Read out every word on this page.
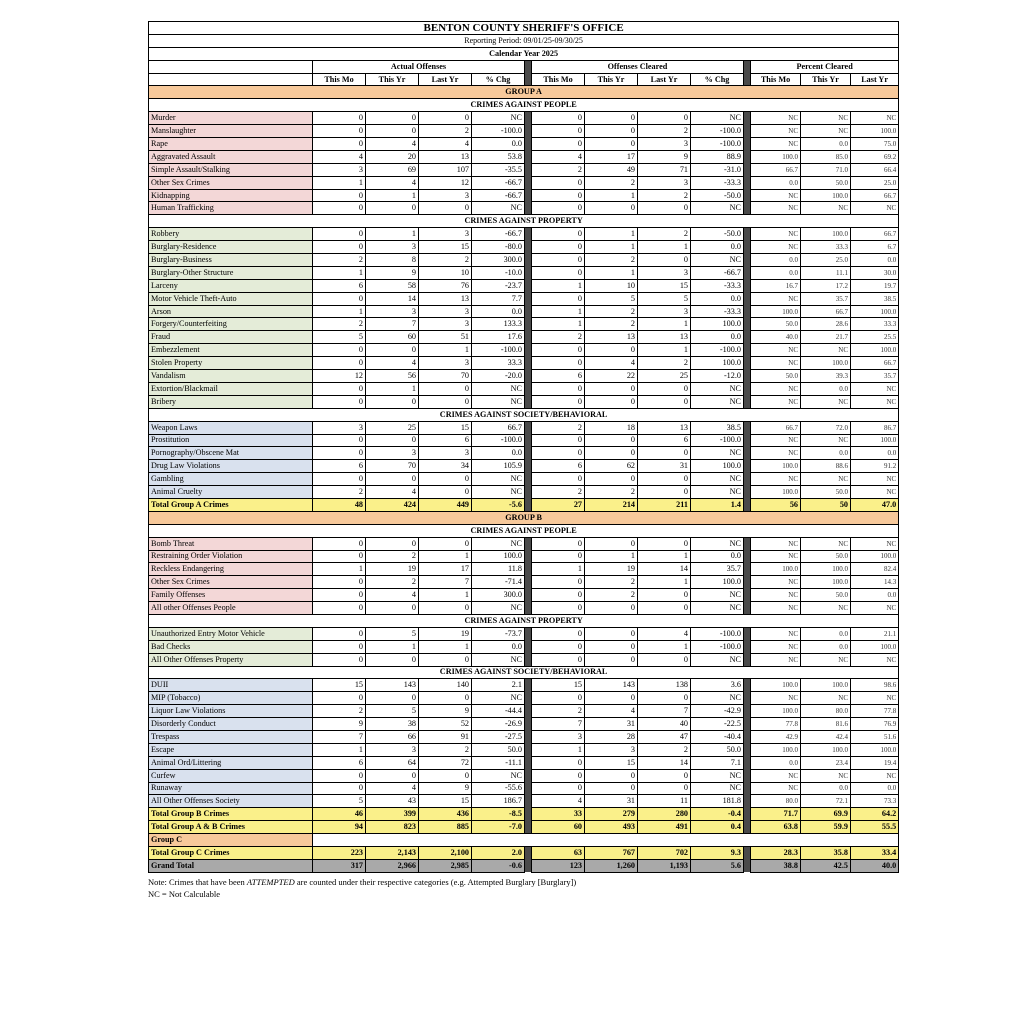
BENTON COUNTY SHERIFF'S OFFICE													
Reporting Period: 09/01/25-09/30/25													
Calendar Year 2025													
	Actual Offenses					Offenses Cleared					Percent Cleared		
	This Mo	This Yr	Last Yr	% Chg		This Mo	This Yr	Last Yr	% Chg		This Mo	This Yr	Last Yr
GROUP A													
CRIMES AGAINST PEOPLE													
Murder	0	0	0	NC		0	0	0	NC		NC	NC	NC
Manslaughter	0	0	2	-100.0		0	0	2	-100.0		NC	NC	100.0
Rape	0	4	4	0.0		0	0	3	-100.0		NC	0.0	75.0
Aggravated Assault	4	20	13	53.8		4	17	9	88.9		100.0	85.0	69.2
Simple Assault/Stalking	3	69	107	-35.5		2	49	71	-31.0		66.7	71.0	66.4
Other Sex Crimes	1	4	12	-66.7		0	2	3	-33.3		0.0	50.0	25.0
Kidnapping	0	1	3	-66.7		0	1	2	-50.0		NC	100.0	66.7
Human Trafficking	0	0	0	NC		0	0	0	NC		NC	NC	NC
CRIMES AGAINST PROPERTY													
Robbery	0	1	3	-66.7		0	1	2	-50.0		NC	100.0	66.7
Burglary-Residence	0	3	15	-80.0		0	1	1	0.0		NC	33.3	6.7
Burglary-Business	2	8	2	300.0		0	2	0	NC		0.0	25.0	0.0
Burglary-Other Structure	1	9	10	-10.0		0	1	3	-66.7		0.0	11.1	30.0
Larceny	6	58	76	-23.7		1	10	15	-33.3		16.7	17.2	19.7
Motor Vehicle Theft-Auto	0	14	13	7.7		0	5	5	0.0		NC	35.7	38.5
Arson	1	3	3	0.0		1	2	3	-33.3		100.0	66.7	100.0
Forgery/Counterfeiting	2	7	3	133.3		1	2	1	100.0		50.0	28.6	33.3
Fraud	5	60	51	17.6		2	13	13	0.0		40.0	21.7	25.5
Embezzlement	0	0	1	-100.0		0	0	1	-100.0		NC	NC	100.0
Stolen Property	0	4	3	33.3		0	4	2	100.0		NC	100.0	66.7
Vandalism	12	56	70	-20.0		6	22	25	-12.0		50.0	39.3	35.7
Extortion/Blackmail	0	1	0	NC		0	0	0	NC		NC	0.0	NC
Bribery	0	0	0	NC		0	0	0	NC		NC	NC	NC
CRIMES AGAINST SOCIETY/BEHAVIORAL													
Weapon Laws	3	25	15	66.7		2	18	13	38.5		66.7	72.0	86.7
Prostitution	0	0	6	-100.0		0	0	6	-100.0		NC	NC	100.0
Pornography/Obscene Mat	0	3	3	0.0		0	0	0	NC		NC	0.0	0.0
Drug Law Violations	6	70	34	105.9		6	62	31	100.0		100.0	88.6	91.2
Gambling	0	0	0	NC		0	0	0	NC		NC	NC	NC
Animal Cruelty	2	4	0	NC		2	2	0	NC		100.0	50.0	NC
Total Group A Crimes	48	424	449	-5.6		27	214	211	1.4		56	50	47.0
GROUP B													
CRIMES AGAINST PEOPLE													
Bomb Threat	0	0	0	NC		0	0	0	NC		NC	NC	NC
Restraining Order Violation	0	2	1	100.0		0	1	1	0.0		NC	50.0	100.0
Reckless Endangering	1	19	17	11.8		1	19	14	35.7		100.0	100.0	82.4
Other Sex Crimes	0	2	7	-71.4		0	2	1	100.0		NC	100.0	14.3
Family Offenses	0	4	1	300.0		0	2	0	NC		NC	50.0	0.0
All other Offenses People	0	0	0	NC		0	0	0	NC		NC	NC	NC
CRIMES AGAINST PROPERTY													
Unauthorized Entry Motor Vehicle	0	5	19	-73.7		0	0	4	-100.0		NC	0.0	21.1
Bad Checks	0	1	1	0.0		0	0	1	-100.0		NC	0.0	100.0
All Other Offenses Property	0	0	0	NC		0	0	0	NC		NC	NC	NC
CRIMES AGAINST SOCIETY/BEHAVIORAL													
DUII	15	143	140	2.1		15	143	138	3.6		100.0	100.0	98.6
MIP (Tobacco)	0	0	0	NC		0	0	0	NC		NC	NC	NC
Liquor Law Violations	2	5	9	-44.4		2	4	7	-42.9		100.0	80.0	77.8
Disorderly Conduct	9	38	52	-26.9		7	31	40	-22.5		77.8	81.6	76.9
Trespass	7	66	91	-27.5		3	28	47	-40.4		42.9	42.4	51.6
Escape	1	3	2	50.0		1	3	2	50.0		100.0	100.0	100.0
Animal Ord/Littering	6	64	72	-11.1		0	15	14	7.1		0.0	23.4	19.4
Curfew	0	0	0	NC		0	0	0	NC		NC	NC	NC
Runaway	0	4	9	-55.6		0	0	0	NC		NC	0.0	0.0
All Other Offenses Society	5	43	15	186.7		4	31	11	181.8		80.0	72.1	73.3
Total Group B Crimes	46	399	436	-8.5		33	279	280	-0.4		71.7	69.9	64.2
Total Group A & B Crimes	94	823	885	-7.0		60	493	491	0.4		63.8	59.9	55.5
Group C													
Total Group C Crimes	223	2,143	2,100	2.0		63	767	702	9.3		28.3	35.8	33.4
Grand Total	317	2,966	2,985	-0.6		123	1,260	1,193	5.6		38.8	42.5	40.0
Note: Crimes that have been ATTEMPTED are counted under their respective categories (e.g. Attempted Burglary [Burglary])
NC = Not Calculable
